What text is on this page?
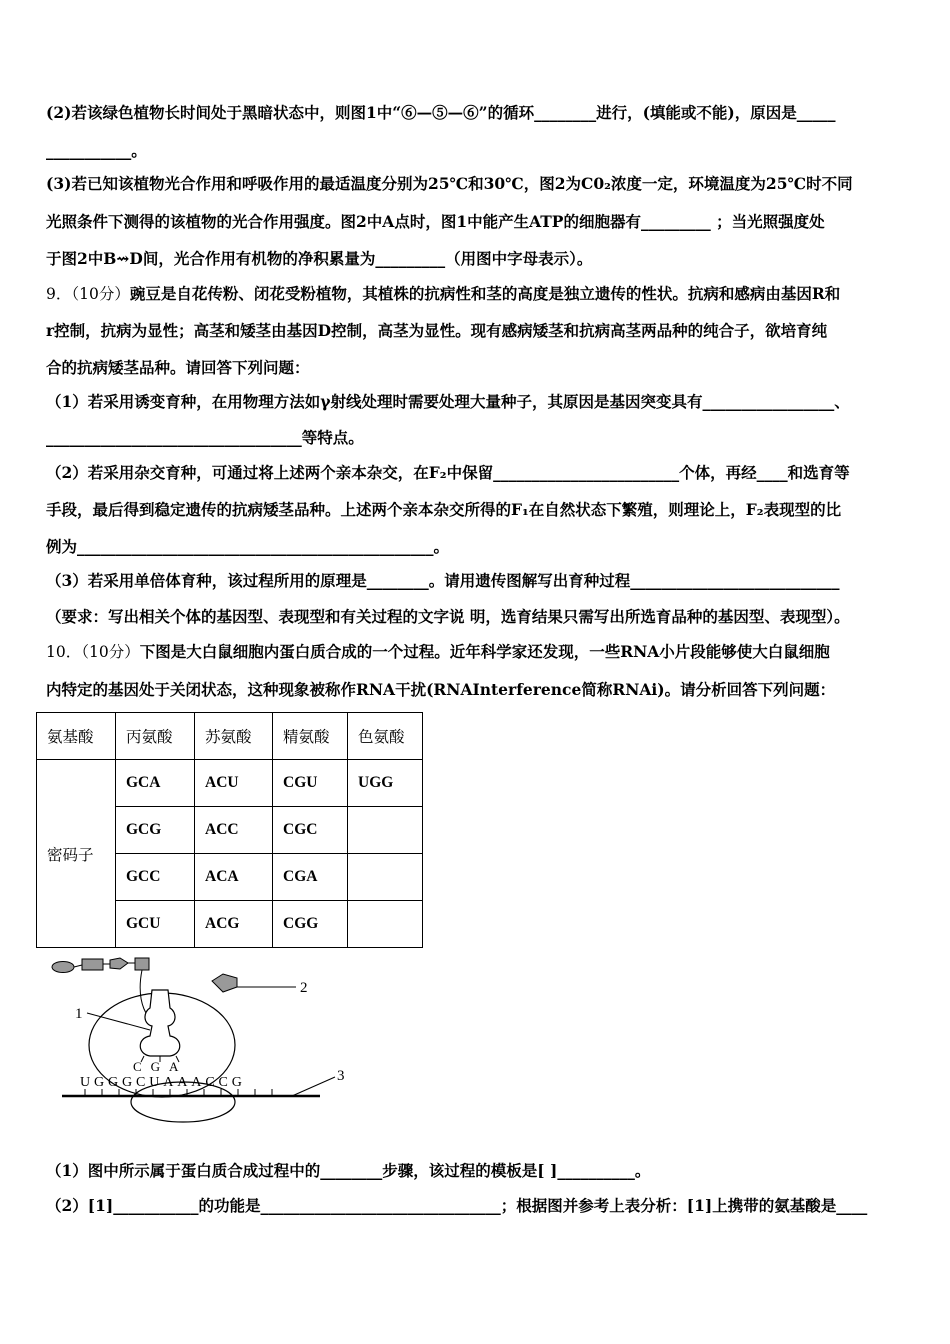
(2)若该绿色植物长时间处于黑暗状态中，则图1中“⑥—⑤—⑥”的循环________进行，(填能或不能)，原因是_____
___________。
(3)若已知该植物光合作用和呼吸作用的最适温度分别为25℃和30℃，图2为C0₂浓度一定，环境温度为25℃时不同
光照条件下测得的该植物的光合作用强度。图2中A点时，图1中能产生ATP的细胞器有_________ ；当光照强度处
于图2中B⇝D间，光合作用有机物的净积累量为_________（用图中字母表示）。
9．（10分）豌豆是自花传粉、闭花受粉植物，其植株的抗病性和茎的高度是独立遗传的性状。抗病和感病由基因R和
r控制，抗病为显性；高茎和矮茎由基因D控制，高茎为显性。现有感病矮茎和抗病高茎两品种的纯合子，欲培育纯
合的抗病矮茎品种。请回答下列问题：
（1）若采用诱变育种，在用物理方法如γ射线处理时需要处理大量种子，其原因是基因突变具有_________________、
_________________________________等特点。
（2）若采用杂交育种，可通过将上述两个亲本杂交，在F₂中保留________________________个体，再经____和选育等
手段，最后得到稳定遗传的抗病矮茎品种。上述两个亲本杂交所得的F₁在自然状态下繁殖，则理论上，F₂表现型的比
例为______________________________________________。
（3）若采用单倍体育种，该过程所用的原理是________。请用遗传图解写出育种过程___________________________
（要求：写出相关个体的基因型、表现型和有关过程的文字说 明，选育结果只需写出所选育品种的基因型、表现型）。
10．（10分）下图是大白鼠细胞内蛋白质合成的一个过程。近年科学家还发现，一些RNA小片段能够使大白鼠细胞
内特定的基因处于关闭状态，这种现象被称作RNA干扰(RNAInterference简称RNAi)。请分析回答下列问题：
氨基酸	丙氨酸	苏氨酸	精氨酸	色氨酸
密码子	GCA	ACU	CGU	UGG
	GCG	ACC	CGC	
	GCC	ACA	CGA	
	GCU	ACG	CGG	
2
1
CGA
UGGGCUAAACCG	3
（1）图中所示属于蛋白质合成过程中的________步骤，该过程的模板是[ ]__________。
（2）[1]___________的功能是_______________________________；根据图并参考上表分析：[1]上携带的氨基酸是____
